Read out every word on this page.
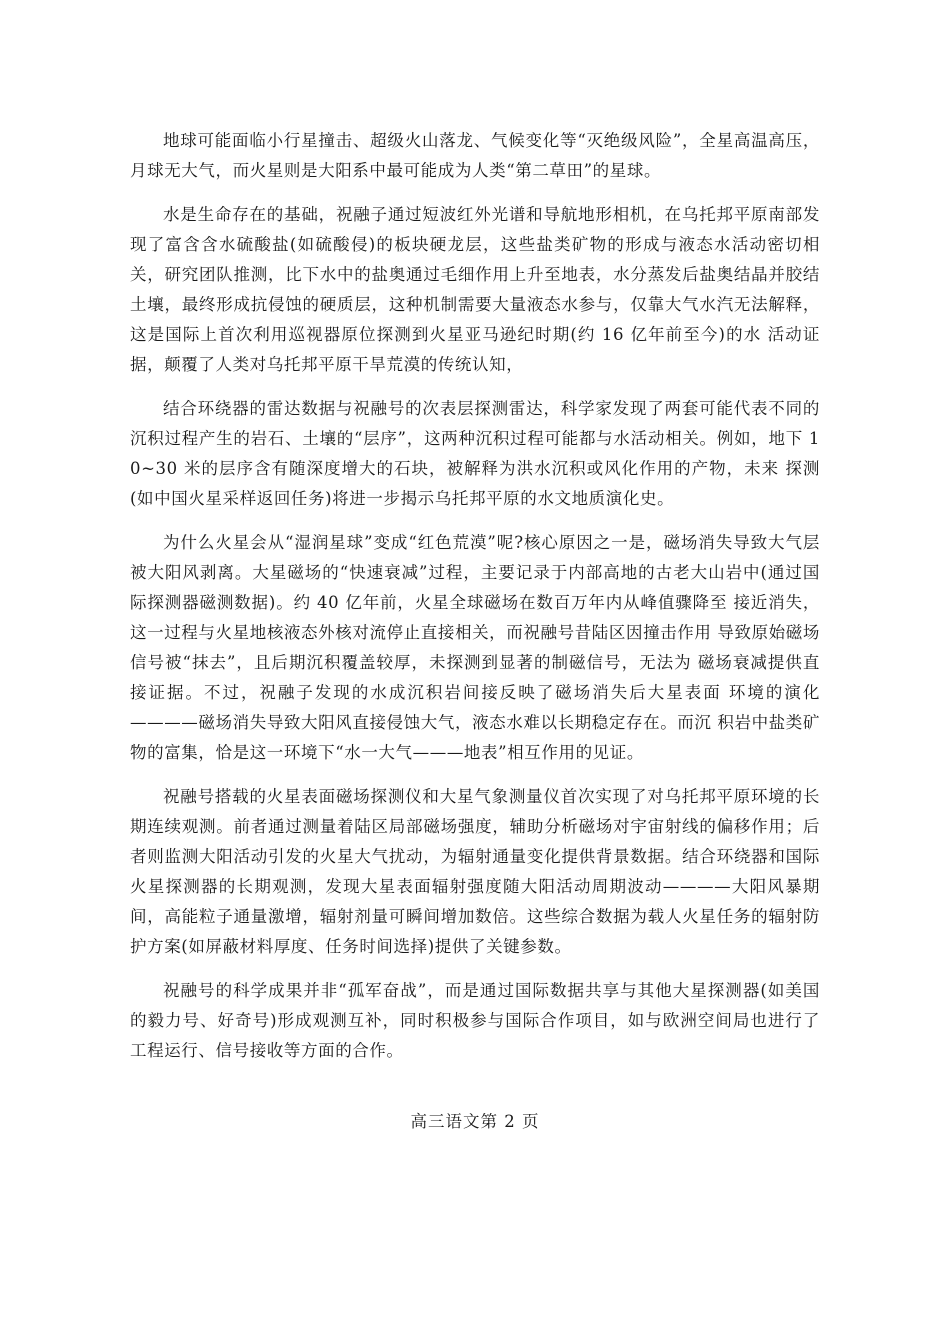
地球可能面临小行星撞击、超级火山落龙、气候变化等“灭绝级风险”，全星高温高压，月球无大气，而火星则是大阳系中最可能成为人类“第二草田”的星球。

水是生命存在的基础，祝融子通过短波红外光谱和导航地形相机，在乌托邦平原南部发现了富含含水硫酸盐(如硫酸侵)的板块硬龙层，这些盐类矿物的形成与液态水活动密切相关，研究团队推测，比下水中的盐奥通过毛细作用上升至地表，水分蒸发后盐奥结晶并胶结土壤，最终形成抗侵蚀的硬质层，这种机制需要大量液态水参与，仅靠大气水汽无法解释，这是国际上首次利用巡视器原位探测到火星亚马逊纪时期(约 16 亿年前至今)的水 活动证据，颠覆了人类对乌托邦平原干旱荒漠的传统认知，

结合环绕器的雷达数据与祝融号的次表层探测雷达，科学家发现了两套可能代表不同的沉积过程产生的岩石、土壤的“层序”，这两种沉积过程可能都与水活动相关。例如，地下 10~30 米的层序含有随深度增大的石块，被解释为洪水沉积或风化作用的产物，未来 探测(如中国火星采样返回任务)将进一步揭示乌托邦平原的水文地质演化史。

为什么火星会从“湿润星球”变成“红色荒漠”呢?核心原因之一是，磁场消失导致大气层被大阳风剥离。大星磁场的“快速衰减”过程，主要记录于内部高地的古老大山岩中(通过国际探测器磁测数据)。约 40 亿年前，火星全球磁场在数百万年内从峰值骤降至 接近消失，这一过程与火星地核液态外核对流停止直接相关，而祝融号昔陆区因撞击作用 导致原始磁场信号被“抹去”，且后期沉积覆盖较厚，未探测到显著的制磁信号，无法为 磁场衰减提供直接证据。不过，祝融子发现的水成沉积岩间接反映了磁场消失后大星表面 环境的演化————磁场消失导致大阳风直接侵蚀大气，液态水难以长期稳定存在。而沉 积岩中盐类矿物的富集，恰是这一环境下“水一大气———地表”相互作用的见证。

祝融号搭载的火星表面磁场探测仪和大星气象测量仪首次实现了对乌托邦平原环境的长期连续观测。前者通过测量着陆区局部磁场强度，辅助分析磁场对宇宙射线的偏移作用；后者则监测大阳活动引发的火星大气扰动，为辐射通量变化提供背景数据。结合环绕器和国际火星探测器的长期观测，发现大星表面辐射强度随大阳活动周期波动————大阳风暴期间，高能粒子通量激增，辐射剂量可瞬间增加数倍。这些综合数据为载人火星任务的辐射防护方案(如屏蔽材料厚度、任务时间选择)提供了关键参数。

祝融号的科学成果并非“孤军奋战”，而是通过国际数据共享与其他大星探测器(如美国的毅力号、好奇号)形成观测互补，同时积极参与国际合作项目，如与欧洲空间局也进行了工程运行、信号接收等方面的合作。

高三语文第 2 页
